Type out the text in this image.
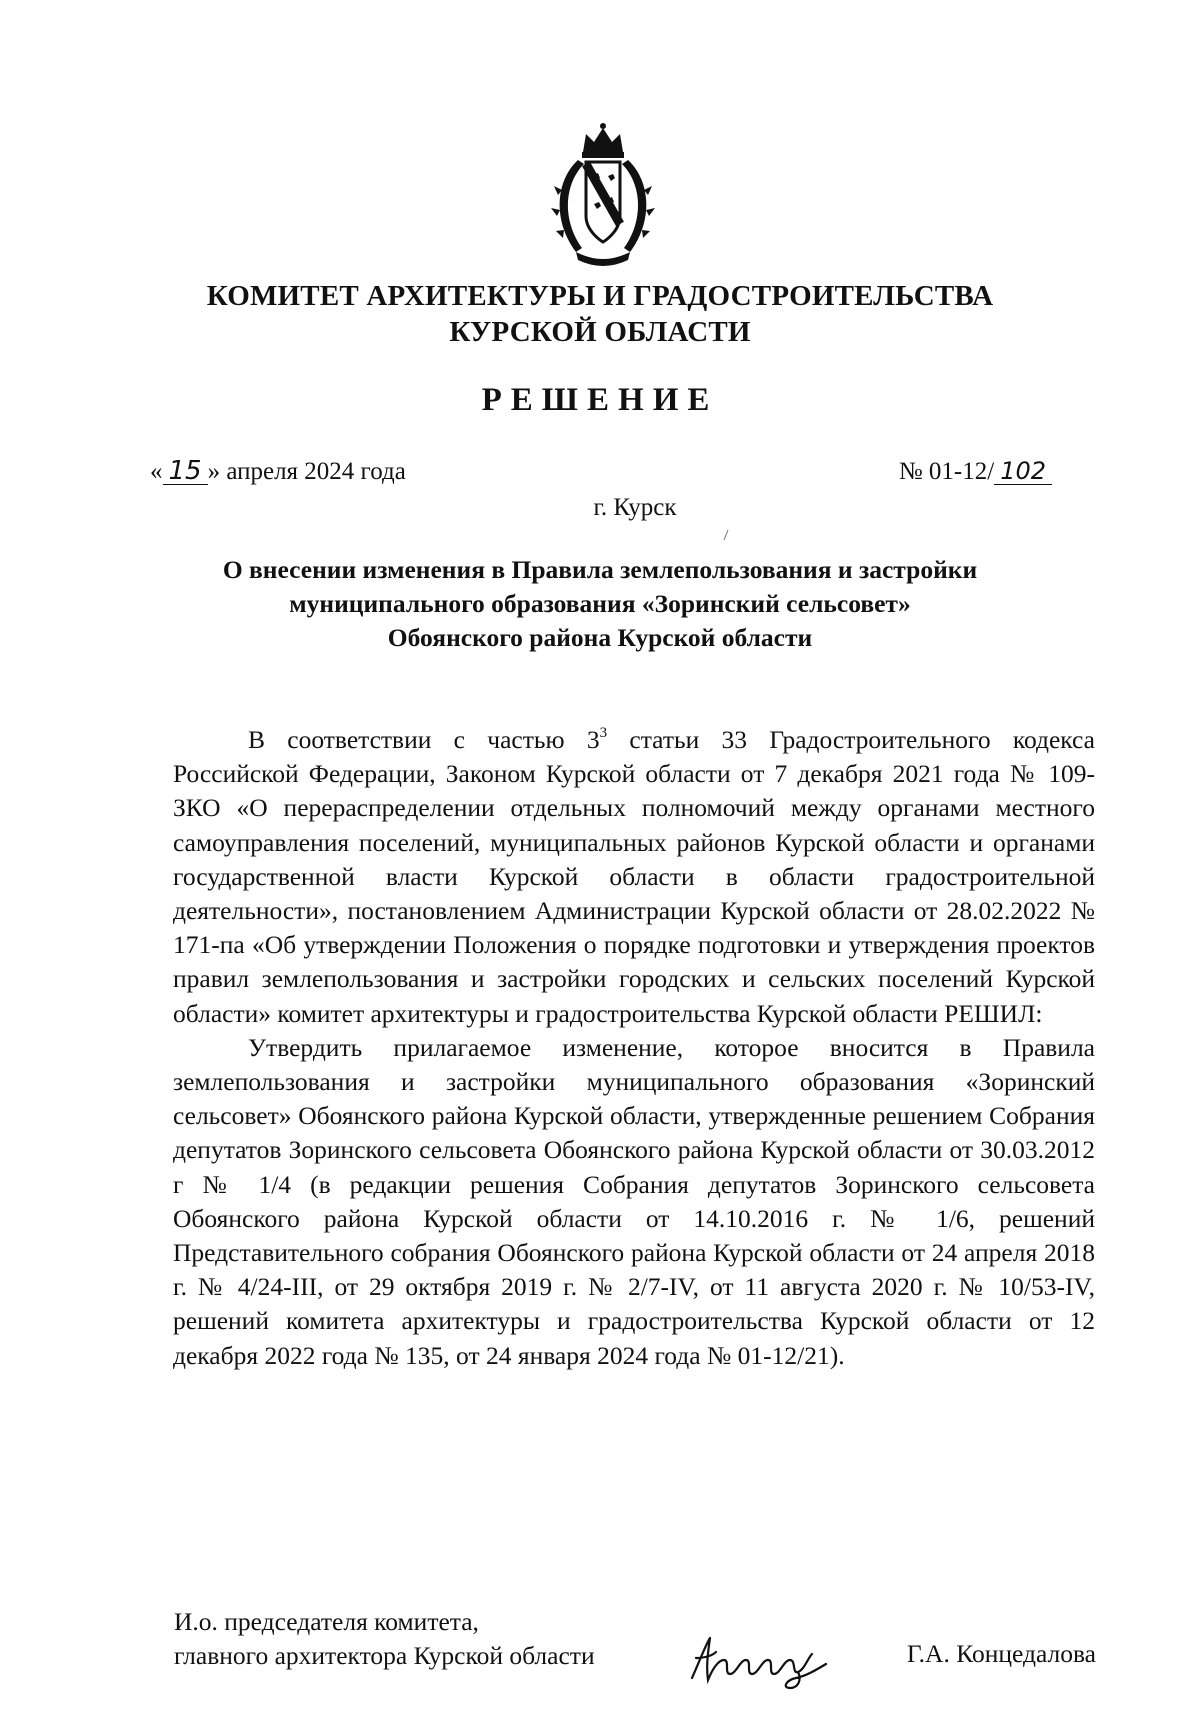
КОМИТЕТ АРХИТЕКТУРЫ И ГРАДОСТРОИТЕЛЬСТВА
КУРСКОЙ ОБЛАСТИ
РЕШЕНИЕ
« 15 » апреля 2024 года	№ 01-12/ 102
г. Курск
О внесении изменения в Правила землепользования и застройки
муниципального образования «Зоринский сельсовет»
Обоянского района Курской области

В соответствии с частью $3^3$ статьи 33 Градостроительного кодекса Российской Федерации, Законом Курской области от 7 декабря 2021 года № 109-ЗКО «О перераспределении отдельных полномочий между органами местного самоуправления поселений, муниципальных районов Курской области и органами государственной власти Курской области в области градостроительной деятельности», постановлением Администрации Курской области от 28.02.2022 № 171-па «Об утверждении Положения о порядке подготовки и утверждения проектов правил землепользования и застройки городских и сельских поселений Курской области» комитет архитектуры и градостроительства Курской области РЕШИЛ:

Утвердить прилагаемое изменение, которое вносится в Правила землепользования и застройки муниципального образования «Зоринский сельсовет» Обоянского района Курской области, утвержденные решением Собрания депутатов Зоринского сельсовета Обоянского района Курской области от 30.03.2012 г № 1/4 (в редакции решения Собрания депутатов Зоринского сельсовета Обоянского района Курской области от 14.10.2016 г. № 1/6, решений Представительного собрания Обоянского района Курской области от 24 апреля 2018 г. № 4/24-III, от 29 октября 2019 г. № 2/7-IV, от 11 августа 2020 г. № 10/53-IV, решений комитета архитектуры и градостроительства Курской области от 12 декабря 2022 года № 135, от 24 января 2024 года № 01-12/21).

И.о. председателя комитета,
главного архитектора Курской области	Г.А. Концедалова
